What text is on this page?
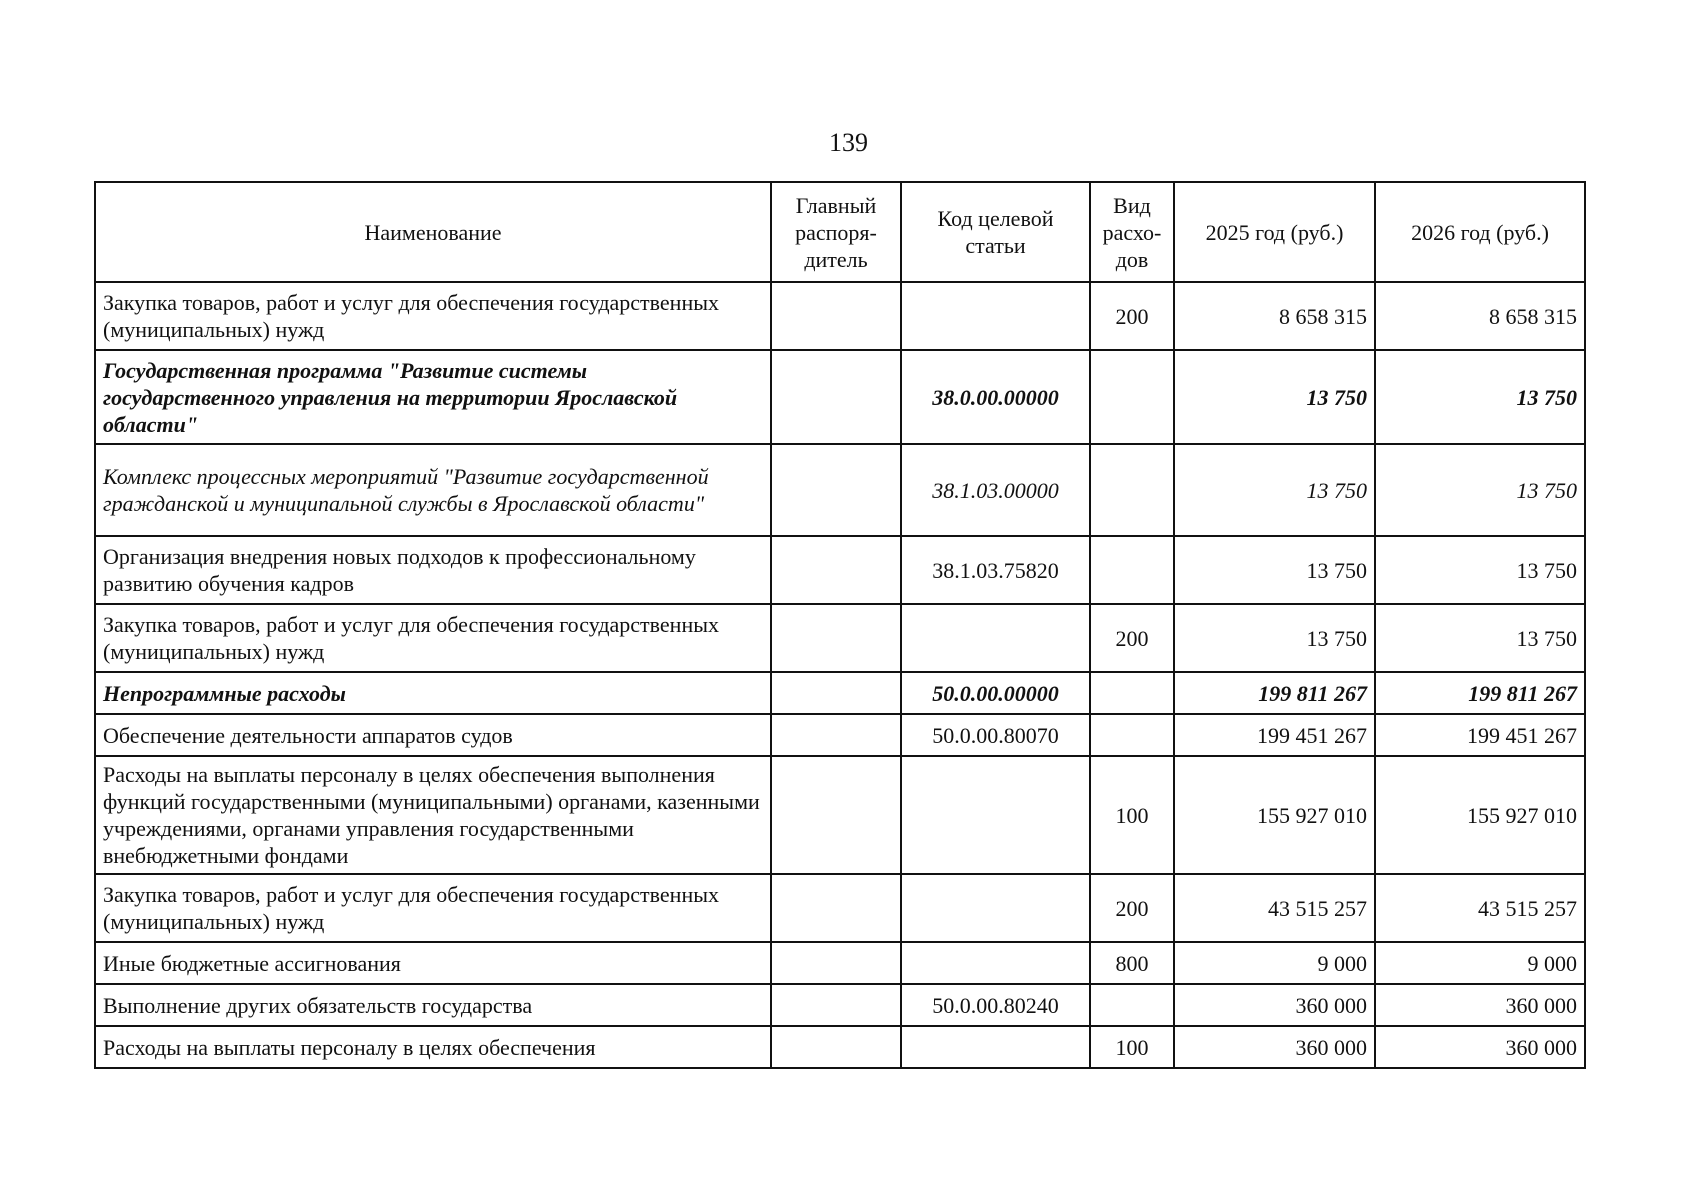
139
Наименование	Главный распоря-дитель	Код целевой статьи	Вид расхо-дов	2025 год (руб.)	2026 год (руб.)
Закупка товаров, работ и услуг для обеспечения государственных (муниципальных) нужд			200	8 658 315	8 658 315
Государственная программа "Развитие системы государственного управления на территории Ярославской области"		38.0.00.00000		13 750	13 750
Комплекс процессных мероприятий "Развитие государственной гражданской и муниципальной службы в Ярославской области"		38.1.03.00000		13 750	13 750
Организация внедрения новых подходов к профессиональному развитию обучения кадров		38.1.03.75820		13 750	13 750
Закупка товаров, работ и услуг для обеспечения государственных (муниципальных) нужд			200	13 750	13 750
Непрограммные расходы		50.0.00.00000		199 811 267	199 811 267
Обеспечение деятельности аппаратов судов		50.0.00.80070		199 451 267	199 451 267
Расходы на выплаты персоналу в целях обеспечения выполнения функций государственными (муниципальными) органами, казенными учреждениями, органами управления государственными внебюджетными фондами			100	155 927 010	155 927 010
Закупка товаров, работ и услуг для обеспечения государственных (муниципальных) нужд			200	43 515 257	43 515 257
Иные бюджетные ассигнования			800	9 000	9 000
Выполнение других обязательств государства		50.0.00.80240		360 000	360 000
Расходы на выплаты персоналу в целях обеспечения			100	360 000	360 000
